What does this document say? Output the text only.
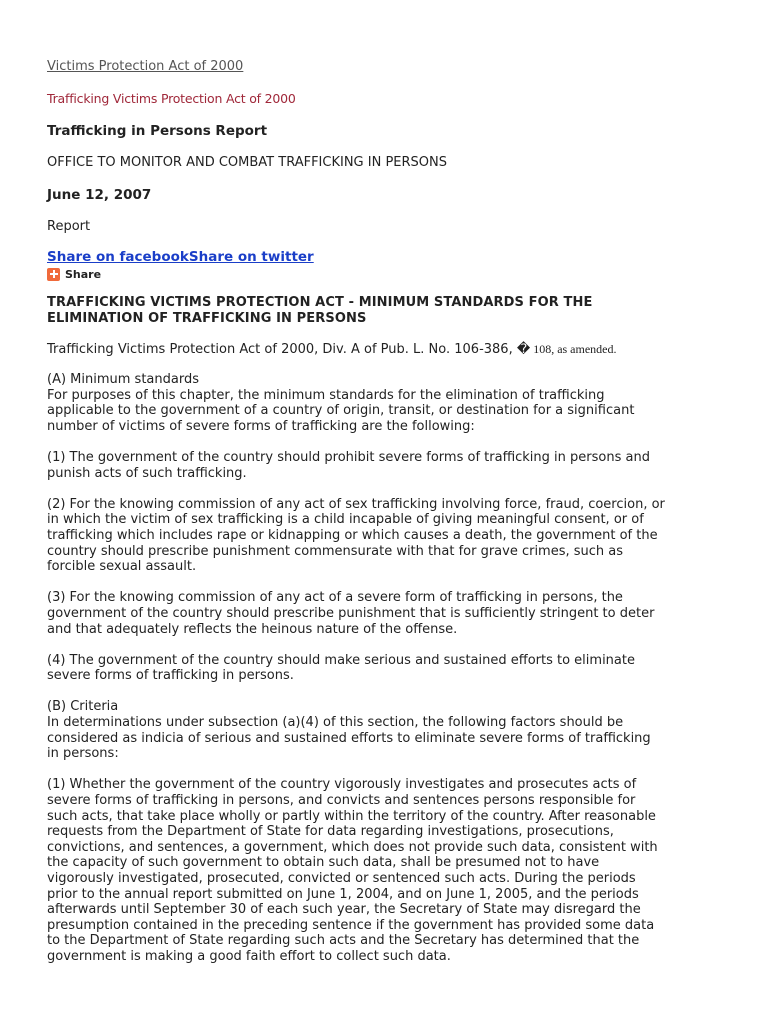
Victims Protection Act of 2000
Trafficking Victims Protection Act of 2000
Trafficking in Persons Report
OFFICE TO MONITOR AND COMBAT TRAFFICKING IN PERSONS
June 12, 2007
Report
Share on facebookShare on twitter
Share
TRAFFICKING VICTIMS PROTECTION ACT - MINIMUM STANDARDS FOR THE
ELIMINATION OF TRAFFICKING IN PERSONS
Trafficking Victims Protection Act of 2000, Div. A of Pub. L. No. 106-386, � 108, as amended.
(A) Minimum standards
For purposes of this chapter, the minimum standards for the elimination of trafficking
applicable to the government of a country of origin, transit, or destination for a significant
number of victims of severe forms of trafficking are the following:
(1) The government of the country should prohibit severe forms of trafficking in persons and
punish acts of such trafficking.
(2) For the knowing commission of any act of sex trafficking involving force, fraud, coercion, or
in which the victim of sex trafficking is a child incapable of giving meaningful consent, or of
trafficking which includes rape or kidnapping or which causes a death, the government of the
country should prescribe punishment commensurate with that for grave crimes, such as
forcible sexual assault.
(3) For the knowing commission of any act of a severe form of trafficking in persons, the
government of the country should prescribe punishment that is sufficiently stringent to deter
and that adequately reflects the heinous nature of the offense.
(4) The government of the country should make serious and sustained efforts to eliminate
severe forms of trafficking in persons.
(B) Criteria
In determinations under subsection (a)(4) of this section, the following factors should be
considered as indicia of serious and sustained efforts to eliminate severe forms of trafficking
in persons:
(1) Whether the government of the country vigorously investigates and prosecutes acts of
severe forms of trafficking in persons, and convicts and sentences persons responsible for
such acts, that take place wholly or partly within the territory of the country. After reasonable
requests from the Department of State for data regarding investigations, prosecutions,
convictions, and sentences, a government, which does not provide such data, consistent with
the capacity of such government to obtain such data, shall be presumed not to have
vigorously investigated, prosecuted, convicted or sentenced such acts. During the periods
prior to the annual report submitted on June 1, 2004, and on June 1, 2005, and the periods
afterwards until September 30 of each such year, the Secretary of State may disregard the
presumption contained in the preceding sentence if the government has provided some data
to the Department of State regarding such acts and the Secretary has determined that the
government is making a good faith effort to collect such data.
